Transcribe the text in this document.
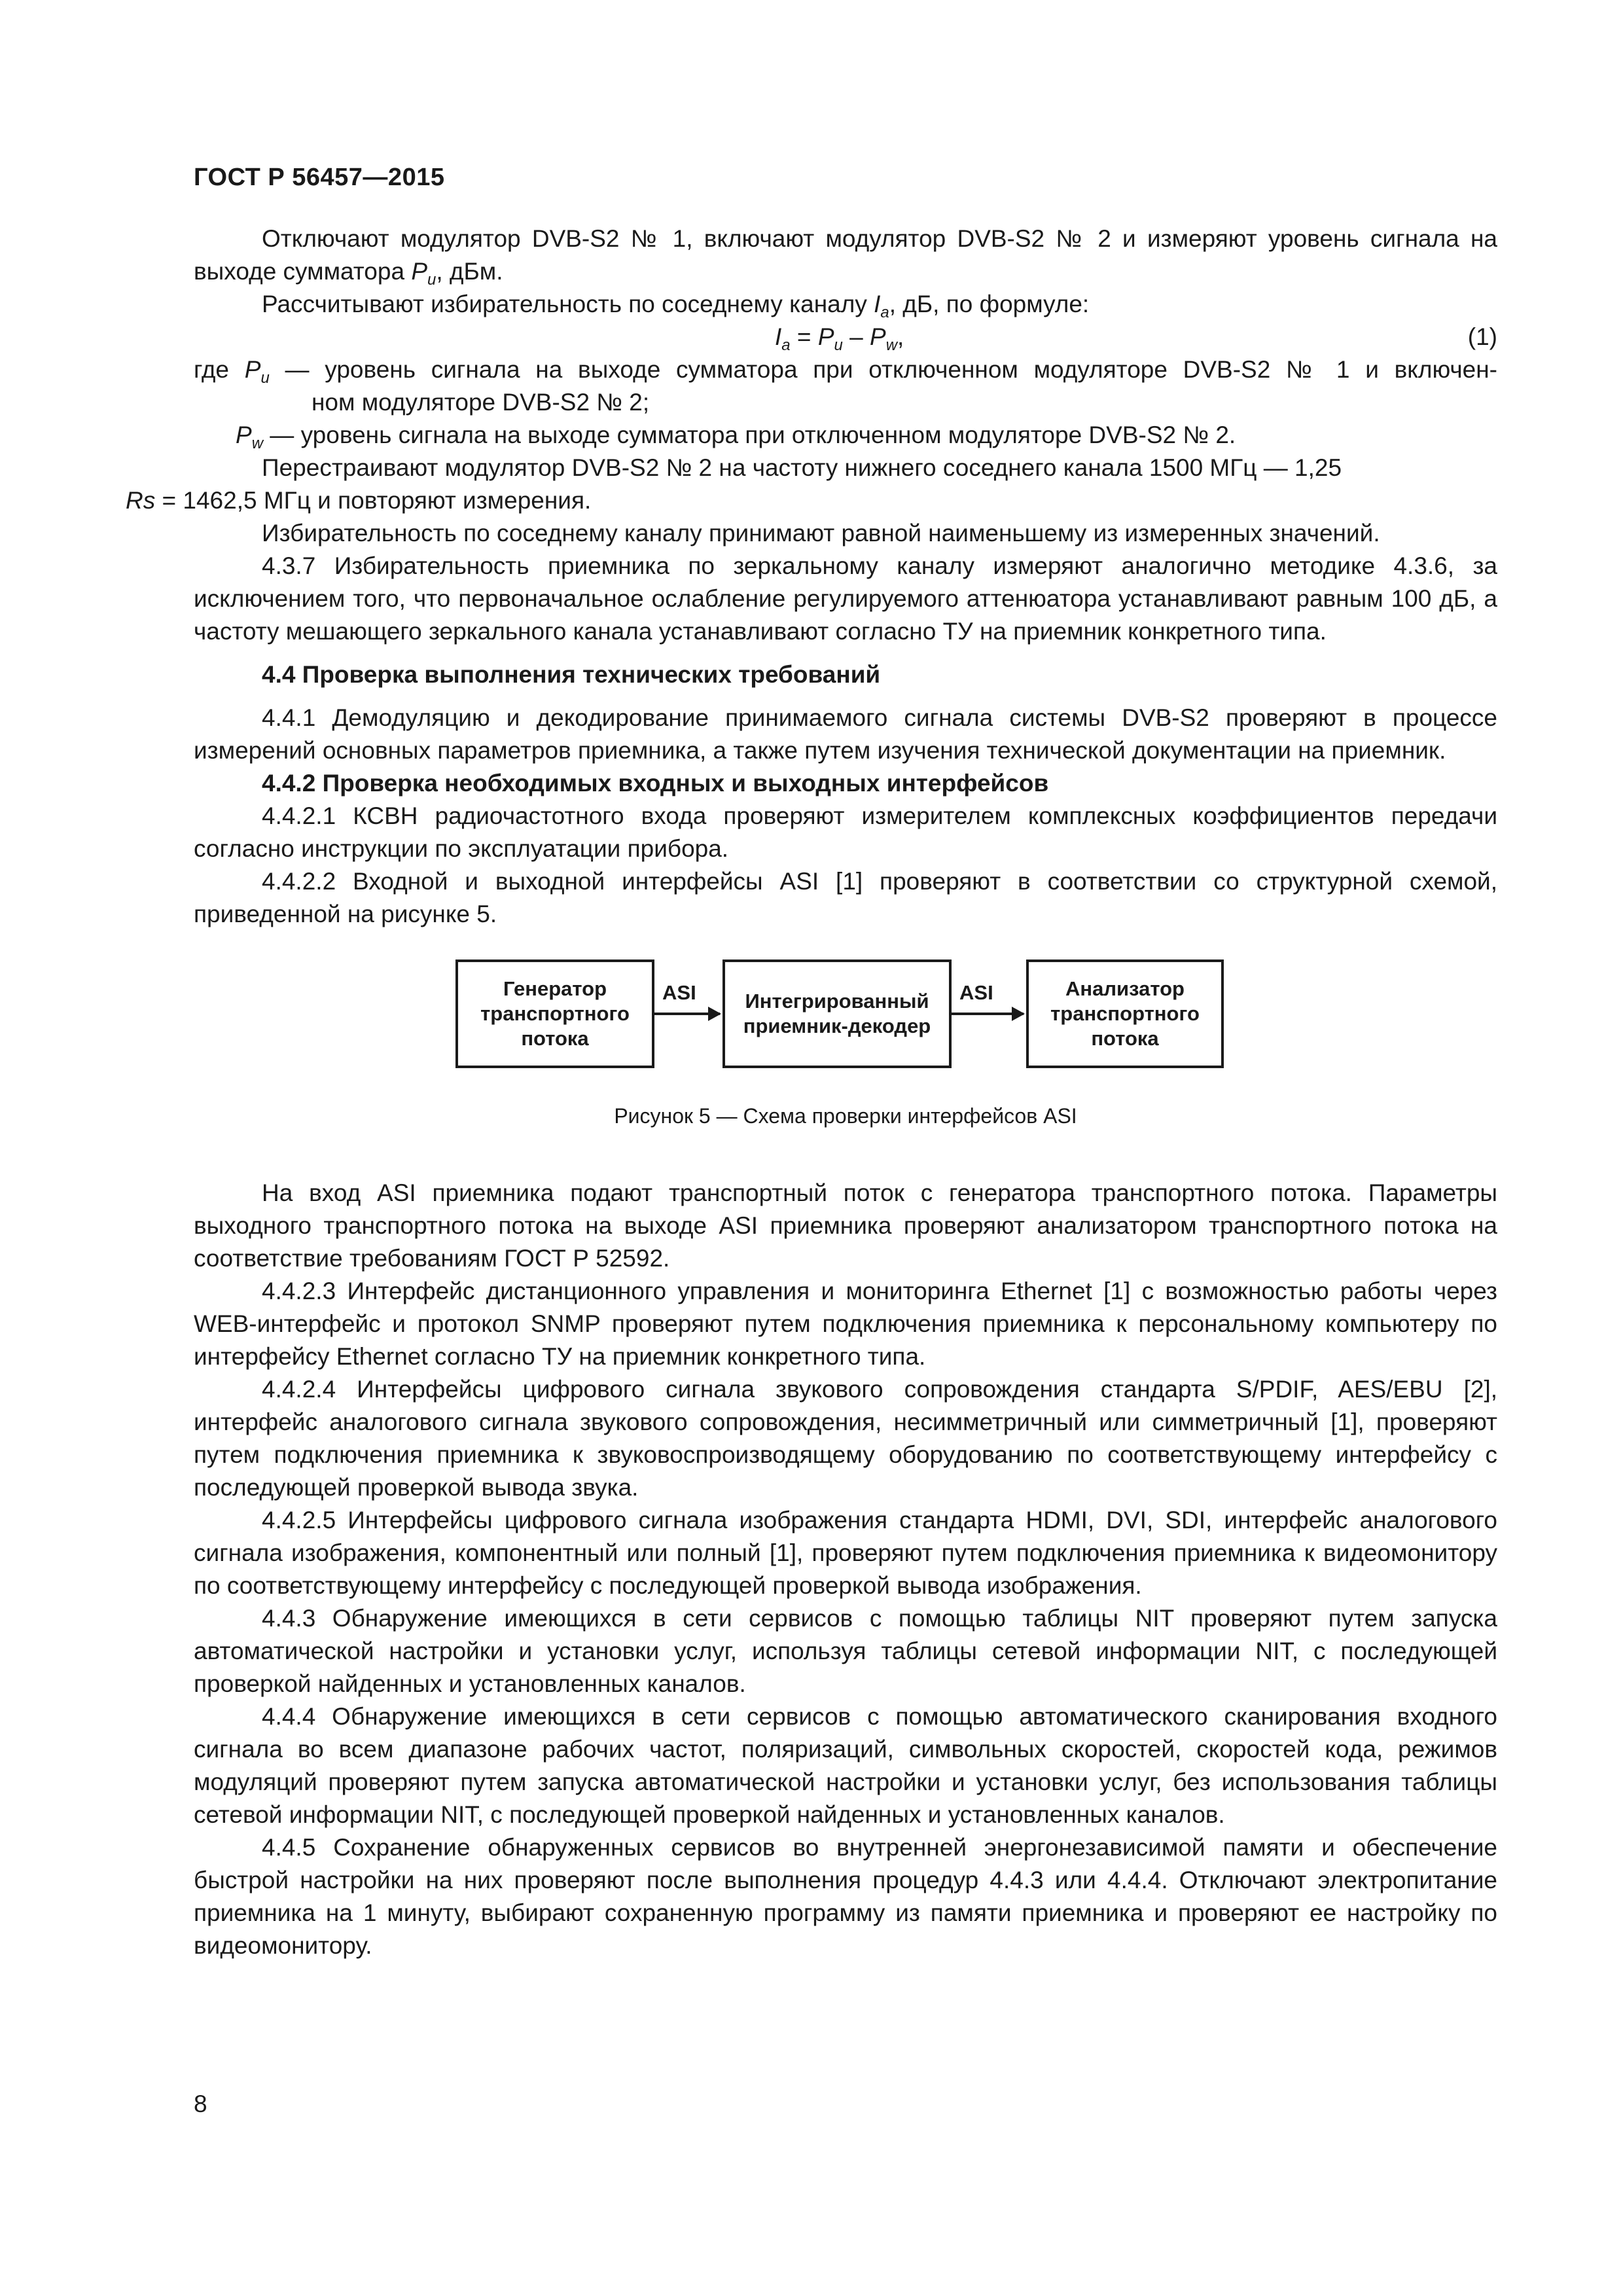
ГОСТ Р 56457—2015

Отключают модулятор DVB-S2 № 1, включают модулятор DVB-S2 № 2 и измеряют уровень сигнала на выходе сумматора $P_u$, дБм.

Рассчитывают избирательность по соседнему каналу $I_a$, дБ, по формуле:

$I_a = P_u - P_w$,	(1)
где $P_u$ — уровень сигнала на выходе сумматора при отключенном модуляторе DVB-S2 № 1 и включен-
ном модуляторе DVB-S2 № 2;
$P_w$ — уровень сигнала на выходе сумматора при отключенном модуляторе DVB-S2 № 2.

Перестраивают модулятор DVB-S2 № 2 на частоту нижнего соседнего канала 1500 МГц — 1,25
Rs = 1462,5 МГц и повторяют измерения.

Избирательность по соседнему каналу принимают равной наименьшему из измеренных значений.

4.3.7 Избирательность приемника по зеркальному каналу измеряют аналогично методике 4.3.6, за исключением того, что первоначальное ослабление регулируемого аттенюатора устанавливают равным 100 дБ, а частоту мешающего зеркального канала устанавливают согласно ТУ на приемник конкретного типа.

4.4 Проверка выполнения технических требований

4.4.1 Демодуляцию и декодирование принимаемого сигнала системы DVB-S2 проверяют в процессе измерений основных параметров приемника, а также путем изучения технической документации на приемник.

4.4.2 Проверка необходимых входных и выходных интерфейсов

4.4.2.1 КСВН радиочастотного входа проверяют измерителем комплексных коэффициентов передачи согласно инструкции по эксплуатации прибора.

4.4.2.2 Входной и выходной интерфейсы ASI [1] проверяют в соответствии со структурной схемой, приведенной на рисунке 5.

Генератор транспортного потока
ASI	Интегрированный приемник-декодер
ASI	Анализатор транспортного потока
Рисунок 5 — Схема проверки интерфейсов ASI

На вход ASI приемника подают транспортный поток с генератора транспортного потока. Параметры выходного транспортного потока на выходе ASI приемника проверяют анализатором транспортного потока на соответствие требованиям ГОСТ Р 52592.

4.4.2.3 Интерфейс дистанционного управления и мониторинга Ethernet [1] с возможностью работы через WEB-интерфейс и протокол SNMP проверяют путем подключения приемника к персональному компьютеру по интерфейсу Ethernet согласно ТУ на приемник конкретного типа.

4.4.2.4 Интерфейсы цифрового сигнала звукового сопровождения стандарта S/PDIF, AES/EBU [2], интерфейс аналогового сигнала звукового сопровождения, несимметричный или симметричный [1], проверяют путем подключения приемника к звуковоспроизводящему оборудованию по соответствующему интерфейсу с последующей проверкой вывода звука.

4.4.2.5 Интерфейсы цифрового сигнала изображения стандарта HDMI, DVI, SDI, интерфейс аналогового сигнала изображения, компонентный или полный [1], проверяют путем подключения приемника к видеомонитору по соответствующему интерфейсу с последующей проверкой вывода изображения.

4.4.3 Обнаружение имеющихся в сети сервисов с помощью таблицы NIT проверяют путем запуска автоматической настройки и установки услуг, используя таблицы сетевой информации NIT, с последующей проверкой найденных и установленных каналов.

4.4.4 Обнаружение имеющихся в сети сервисов с помощью автоматического сканирования входного сигнала во всем диапазоне рабочих частот, поляризаций, символьных скоростей, скоростей кода, режимов модуляций проверяют путем запуска автоматической настройки и установки услуг, без использования таблицы сетевой информации NIT, с последующей проверкой найденных и установленных каналов.

4.4.5 Сохранение обнаруженных сервисов во внутренней энергонезависимой памяти и обеспечение быстрой настройки на них проверяют после выполнения процедур 4.4.3 или 4.4.4. Отключают электропитание приемника на 1 минуту, выбирают сохраненную программу из памяти приемника и проверяют ее настройку по видеомонитору.

8
